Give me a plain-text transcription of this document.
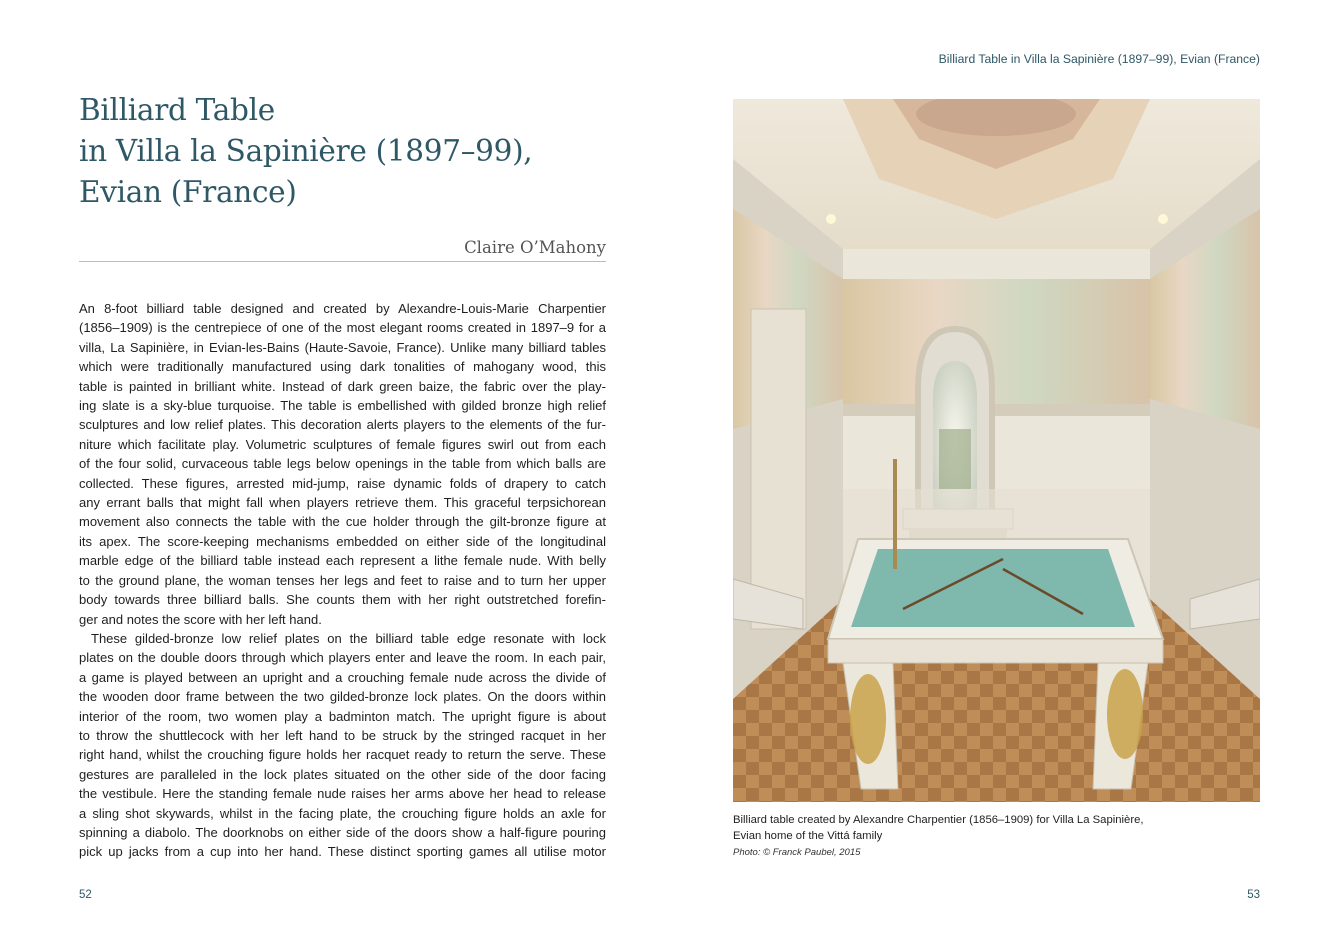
Billiard Table
in Villa la Sapinière (1897–99),
Evian (France)
Claire O’Mahony
An 8-foot billiard table designed and created by Alexandre-Louis-Marie Charpentier
(1856–1909) is the centrepiece of one of the most elegant rooms created in 1897–9 for a
villa, La Sapinière, in Evian-les-Bains (Haute-Savoie, France). Unlike many billiard tables
which were traditionally manufactured using dark tonalities of mahogany wood, this
table is painted in brilliant white. Instead of dark green baize, the fabric over the play-
ing slate is a sky-blue turquoise. The table is embellished with gilded bronze high relief
sculptures and low relief plates. This decoration alerts players to the elements of the fur-
niture which facilitate play. Volumetric sculptures of female figures swirl out from each
of the four solid, curvaceous table legs below openings in the table from which balls are
collected. These figures, arrested mid-jump, raise dynamic folds of drapery to catch
any errant balls that might fall when players retrieve them. This graceful terpsichorean
movement also connects the table with the cue holder through the gilt-bronze figure at
its apex. The score-keeping mechanisms embedded on either side of the longitudinal
marble edge of the billiard table instead each represent a lithe female nude. With belly
to the ground plane, the woman tenses her legs and feet to raise and to turn her upper
body towards three billiard balls. She counts them with her right outstretched forefin-
ger and notes the score with her left hand.
These gilded-bronze low relief plates on the billiard table edge resonate with lock
plates on the double doors through which players enter and leave the room. In each pair,
a game is played between an upright and a crouching female nude across the divide of
the wooden door frame between the two gilded-bronze lock plates. On the doors within
interior of the room, two women play a badminton match. The upright figure is about
to throw the shuttlecock with her left hand to be struck by the stringed racquet in her
right hand, whilst the crouching figure holds her racquet ready to return the serve. These
gestures are paralleled in the lock plates situated on the other side of the door facing
the vestibule. Here the standing female nude raises her arms above her head to release
a sling shot skywards, whilst in the facing plate, the crouching figure holds an axle for
spinning a diabolo. The doorknobs on either side of the doors show a half-figure pouring
pick up jacks from a cup into her hand. These distinct sporting games all utilise motor
52
Billiard Table in Villa la Sapinière (1897–99), Evian (France)
Billiard table created by Alexandre Charpentier (1856–1909) for Villa La Sapinière,
Evian home of the Vittá family
Photo: © Franck Paubel, 2015
53
